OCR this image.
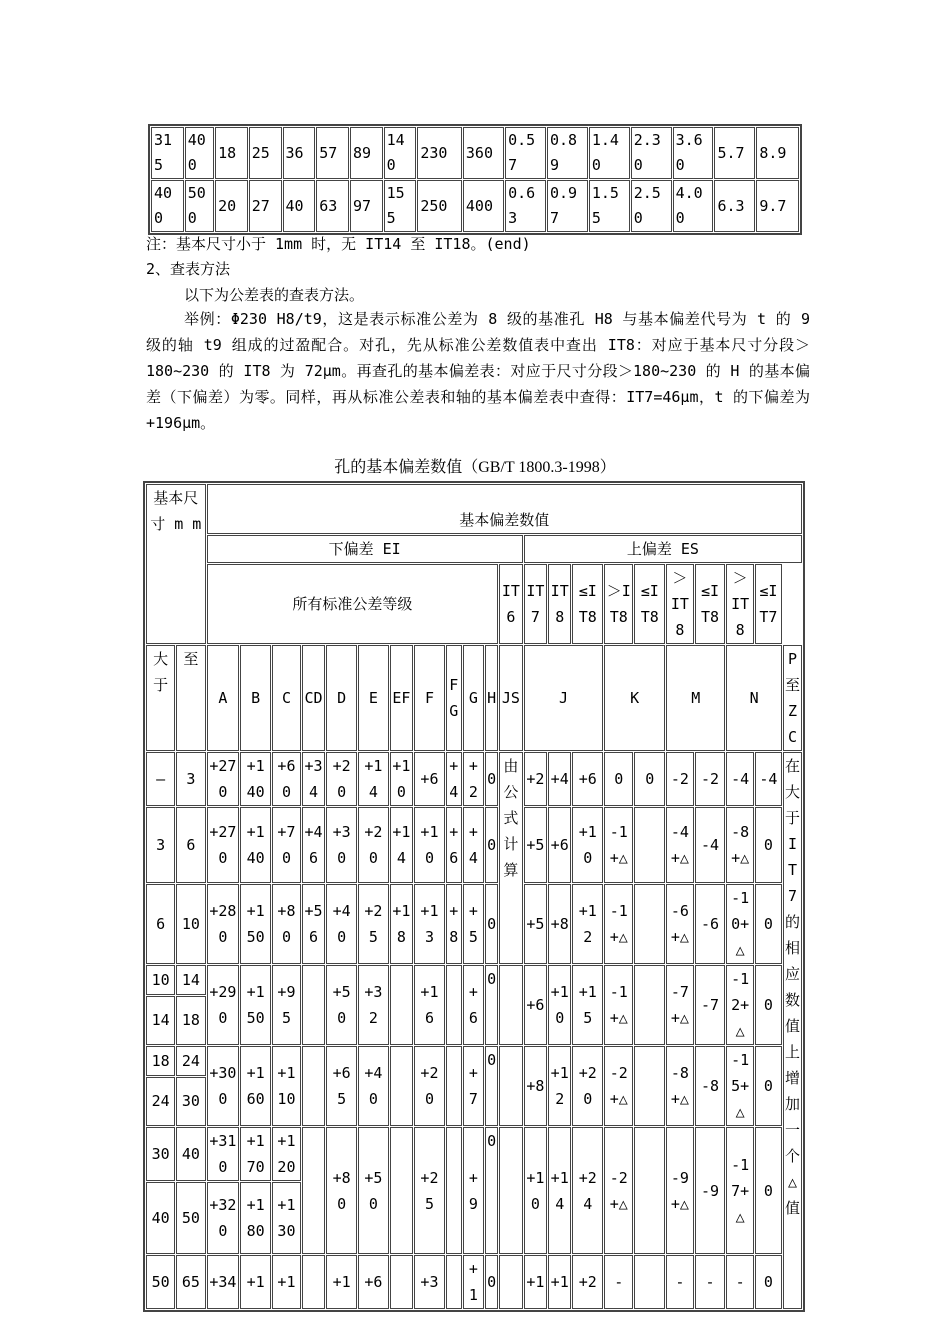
315	400	18	25	36	57	89	140	230	360	0.57	0.89	1.40	2.30	3.60	5.7	8.9
400	500	20	27	40	63	97	155	250	400	0.63	0.97	1.55	2.50	4.00	6.3	9.7
注：基本尺寸小于 1mm 时，无 IT14 至 IT18。(end)
2、查表方法
以下为公差表的查表方法。
举例：Φ230 H8/t9，这是表示标准公差为 8 级的基准孔 H8 与基本偏差代号为 t 的 9 级的轴 t9 组成的过盈配合。对孔，先从标准公差数值表中查出 IT8：对应于基本尺寸分段＞180~230 的 IT8 为 72μm。再查孔的基本偏差表：对应于尺寸分段＞180~230 的 H 的基本偏差（下偏差）为零。同样，再从标准公差表和轴的基本偏差表中查得：IT7=46μm，t 的下偏差为+196μm。
孔的基本偏差数值（GB/T 1800.3-1998）
基本尺寸 m m		基本偏差数值																					
		下偏差 EI												上偏差 ES									
		所有标准公差等级											IT6	IT7	IT8	≤IT8	＞IT8	≤IT8	＞IT8	≤IT8	＞IT8	≤IT7	
大于	至	A	B	C	CD	D	E	EF	F	FG	G	H	JS	J			K		M		N		P至ZC
—	3	+270	+140	+60	+34	+20	+14	+10	+6	+4	+2	0	由公式计算	+2	+4	+6	0	0	-2	-2	-4	-4	在大于IT7的相应数值上增加一个△值
3	6	+270	+140	+70	+46	+30	+20	+14	+10	+6	+4	0		+5	+6	+10	-1+△		-4+△	-4	-8+△	0	
6	10	+280	+150	+80	+56	+40	+25	+18	+13	+8	+5	0		+5	+8	+12	-1+△		-6+△	-6	-10+△	0	
10	14	+290	+150	+95		+50	+32		+16		+6	0		+6	+10	+15	-1+△		-7+△	-7	-12+△	0	
14	18																						
18	24	+300	+160	+110		+65	+40		+20		+7	0		+8	+12	+20	-2+△		-8+△	-8	-15+△	0	
24	30																						
30	40	+310	+170	+120		+80	+50		+25		+9	0		+10	+14	+24	-2+△		-9+△	-9	-17+△	0	
40	50	+320	+180	+130																			
50	65	+34	+1	+1		+1	+6		+3		+1	0		+1	+1	+2	-		-	-	-	0	
